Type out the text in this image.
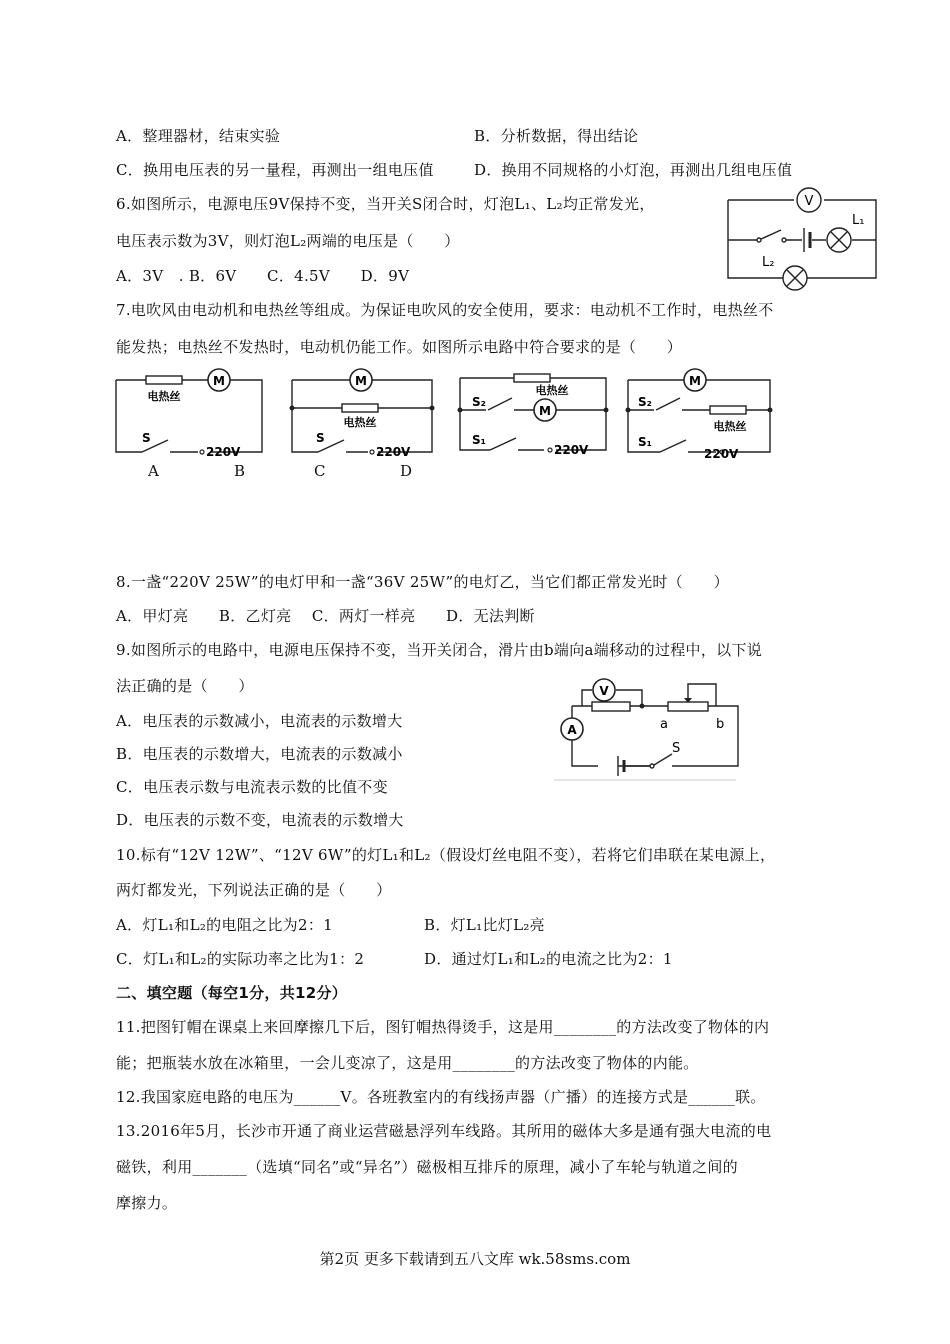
A．整理器材，结束实验	B．分析数据，得出结论
C．换用电压表的另一量程，再测出一组电压值	D．换用不同规格的小灯泡，再测出几组电压值
6.如图所示，电源电压9V保持不变，当开关S闭合时，灯泡L₁、L₂均正常发光，
电压表示数为3V，则灯泡L₂两端的电压是（　　）
A．3V　. B．6V　　C．4.5V　　D．9V
V
L₁
L₂
7.电吹风由电动机和电热丝等组成。为保证电吹风的安全使用，要求：电动机不工作时，电热丝不
能发热；电热丝不发热时，电动机仍能工作。如图所示电路中符合要求的是（　　）
电热丝
M
S
220V
A	B
M
电热丝
S
220V
C	D
电热丝
S₂
M
S₁
220V
M
S₂
电热丝
S₁
220V
8.一盏“220V 25W”的电灯甲和一盏“36V 25W”的电灯乙，当它们都正常发光时（　　）
A．甲灯亮　　B．乙灯亮　 C．两灯一样亮　　D．无法判断
9.如图所示的电路中，电源电压保持不变，当开关闭合，滑片由b端向a端移动的过程中，以下说
法正确的是（　　）
A．电压表的示数减小，电流表的示数增大
B．电压表的示数增大，电流表的示数减小
C．电压表示数与电流表示数的比值不变
D．电压表的示数不变，电流表的示数增大
V
a	b
A
S
10.标有“12V 12W”、“12V 6W”的灯L₁和L₂（假设灯丝电阻不变），若将它们串联在某电源上，
两灯都发光，下列说法正确的是（　　）
A．灯L₁和L₂的电阻之比为2：1	B．灯L₁比灯L₂亮
C．灯L₁和L₂的实际功率之比为1：2	D．通过灯L₁和L₂的电流之比为2：1
二、填空题（每空1分，共12分）
11.把图钉帽在课桌上来回摩擦几下后，图钉帽热得烫手，这是用________的方法改变了物体的内
能；把瓶装水放在冰箱里，一会儿变凉了，这是用________的方法改变了物体的内能。
12.我国家庭电路的电压为______V。各班教室内的有线扬声器（广播）的连接方式是______联。
13.2016年5月，长沙市开通了商业运营磁悬浮列车线路。其所用的磁体大多是通有强大电流的电
磁铁，利用_______（选填“同名”或“异名”）磁极相互排斥的原理，减小了车轮与轨道之间的
摩擦力。
第2页 更多下载请到五八文库 wk.58sms.com
